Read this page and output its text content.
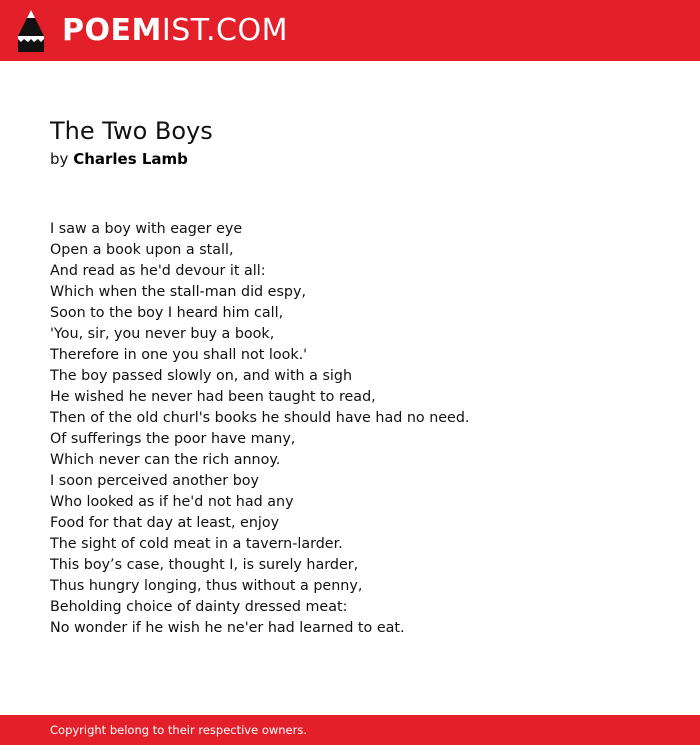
POEMIST.COM
The Two Boys
by Charles Lamb
I saw a boy with eager eye
Open a book upon a stall,
And read as he'd devour it all:
Which when the stall-man did espy,
Soon to the boy I heard him call,
'You, sir, you never buy a book,
Therefore in one you shall not look.'
The boy passed slowly on, and with a sigh
He wished he never had been taught to read,
Then of the old churl's books he should have had no need.
Of sufferings the poor have many,
Which never can the rich annoy.
I soon perceived another boy
Who looked as if he'd not had any
Food for that day at least, enjoy
The sight of cold meat in a tavern-larder.
This boy’s case, thought I, is surely harder,
Thus hungry longing, thus without a penny,
Beholding choice of dainty dressed meat:
No wonder if he wish he ne'er had learned to eat.
Copyright belong to their respective owners.
